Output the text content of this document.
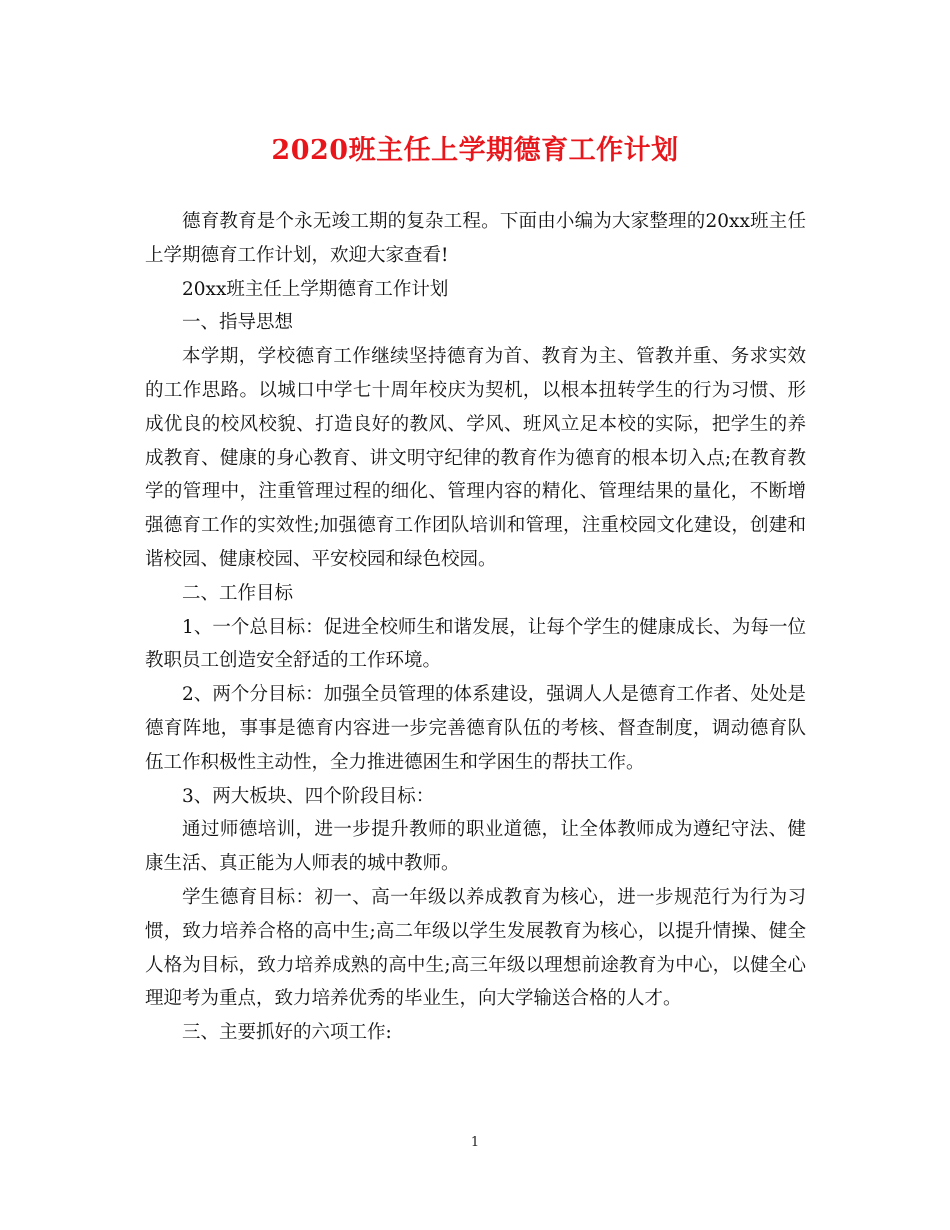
2020班主任上学期德育工作计划

德育教育是个永无竣工期的复杂工程。下面由小编为大家整理的20xx班主任上学期德育工作计划，欢迎大家查看!

20xx班主任上学期德育工作计划

一、指导思想

本学期，学校德育工作继续坚持德育为首、教育为主、管教并重、务求实效的工作思路。以城口中学七十周年校庆为契机，以根本扭转学生的行为习惯、形成优良的校风校貌、打造良好的教风、学风、班风立足本校的实际，把学生的养成教育、健康的身心教育、讲文明守纪律的教育作为德育的根本切入点;在教育教学的管理中，注重管理过程的细化、管理内容的精化、管理结果的量化，不断增强德育工作的实效性;加强德育工作团队培训和管理，注重校园文化建设，创建和谐校园、健康校园、平安校园和绿色校园。

二、工作目标

1、一个总目标：促进全校师生和谐发展，让每个学生的健康成长、为每一位教职员工创造安全舒适的工作环境。

2、两个分目标：加强全员管理的体系建设，强调人人是德育工作者、处处是德育阵地，事事是德育内容进一步完善德育队伍的考核、督查制度，调动德育队伍工作积极性主动性，全力推进德困生和学困生的帮扶工作。

3、两大板块、四个阶段目标：

通过师德培训，进一步提升教师的职业道德，让全体教师成为遵纪守法、健康生活、真正能为人师表的城中教师。

学生德育目标：初一、高一年级以养成教育为核心，进一步规范行为行为习惯，致力培养合格的高中生;高二年级以学生发展教育为核心，以提升情操、健全人格为目标，致力培养成熟的高中生;高三年级以理想前途教育为中心，以健全心理迎考为重点，致力培养优秀的毕业生，向大学输送合格的人才。

三、主要抓好的六项工作:

1
